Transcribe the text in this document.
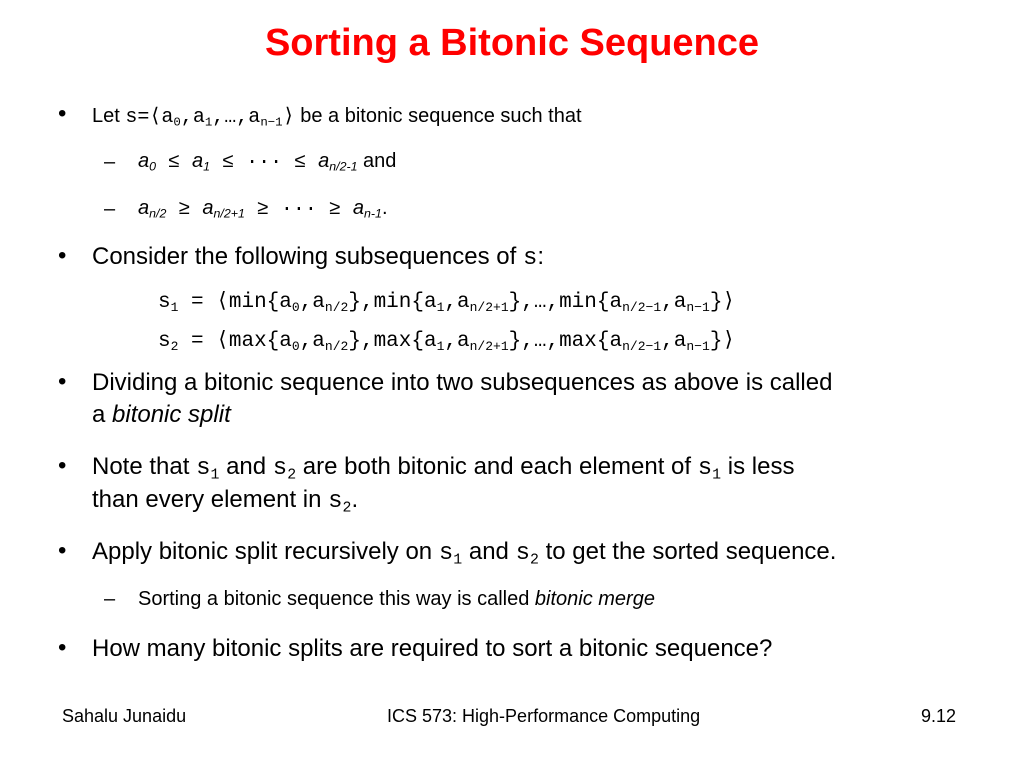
Sorting a Bitonic Sequence
• Let $s=⟨a_0,a_1,\dots,a_{n-1}⟩$ be a bitonic sequence such that
– $a_0 \le a_1$ ≤ ··· ≤ $a_{n/2-1}$ and
– $a_{n/2} \ge a_{n/2+1}$ ≥ ··· ≥ $a_{n-1}$.
• Consider the following subsequences of s:
$s_1$ = $⟨\min\{a_0,a_{n/2}\},\min\{a_1,a_{n/2+1}\},\dots,\min\{a_{n/2-1},a_{n-1}\}⟩$
$s_2$ = $⟨\max\{a_0,a_{n/2}\},\max\{a_1,a_{n/2+1}\},\dots,\max\{a_{n/2-1},a_{n-1}\}⟩$
• Dividing a bitonic sequence into two subsequences as above is called
a bitonic split
• Note that $s_1$ and $s_2$ are both bitonic and each element of $s_1$ is less
than every element in $s_2$.
• Apply bitonic split recursively on $s_1$ and $s_2$ to get the sorted sequence.
– Sorting a bitonic sequence this way is called bitonic merge
• How many bitonic splits are required to sort a bitonic sequence?
Sahalu Junaidu	ICS 573: High-Performance Computing	9.12
